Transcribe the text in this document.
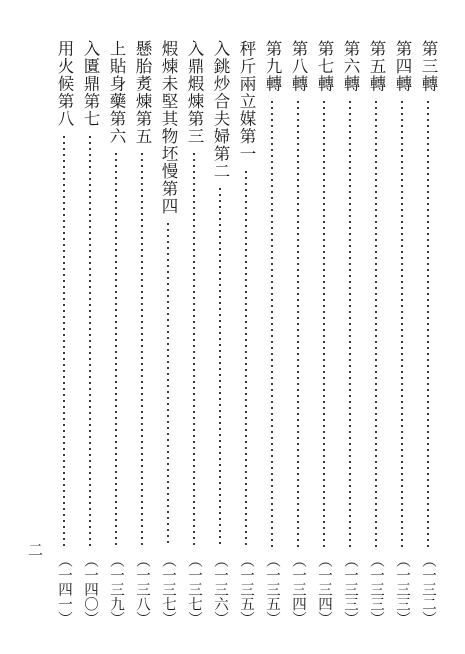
第三轉
（一三二）
第四轉
（一三三）
第五轉
（一三三）
第六轉
（一三三）
第七轉
（一三四）
第八轉
（一三四）
第九轉
（一三五）
秤斤兩立媒第一
（一三五）
入銚炒合夫婦第二
（一三六）
入鼎煆煉第三
（一三七）
煆煉未堅其物坯慢第四
（一三七）
懸胎煑煉第五
（一三八）
上貼身藥第六
（一三九）
入匱鼎第七
（一四〇）
用火候第八
（一四一）
二
